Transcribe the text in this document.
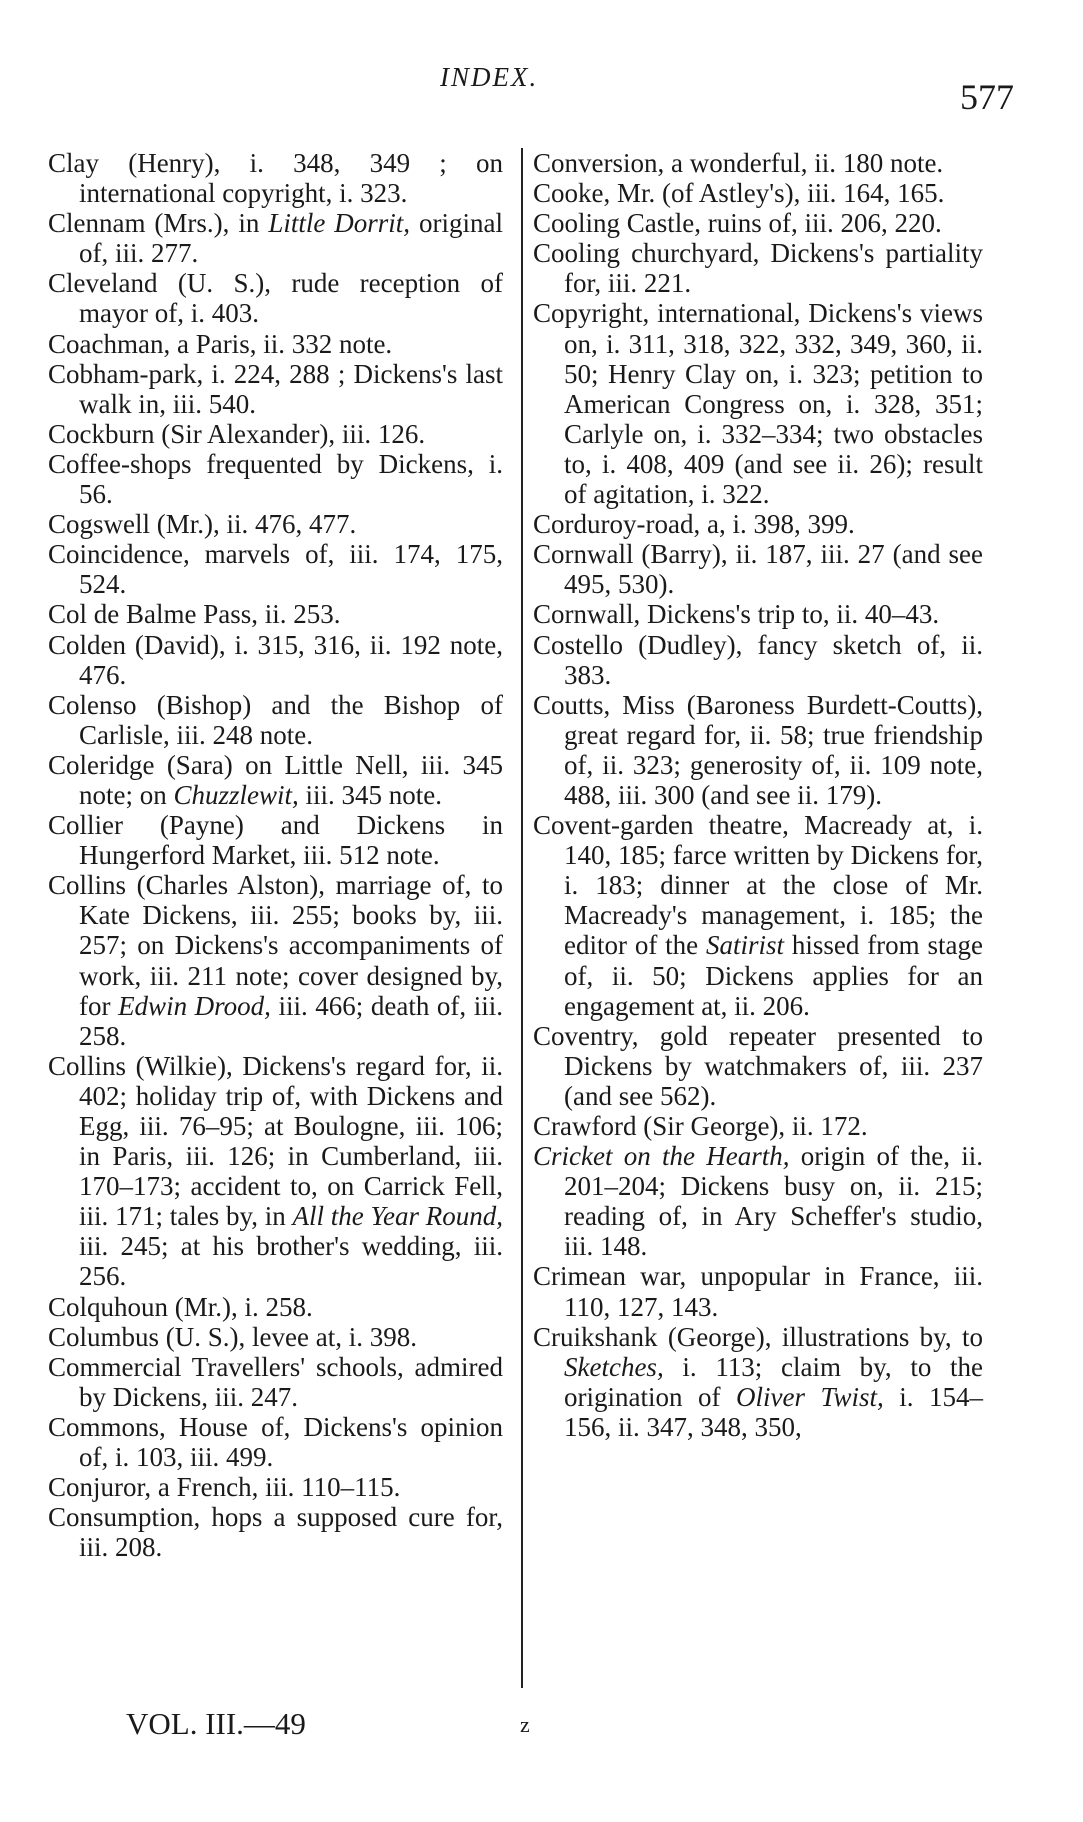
INDEX.	577

Clay (Henry), i. 348, 349 ; on international copyright, i. 323.

Clennam (Mrs.), in Little Dorrit, original of, iii. 277.

Cleveland (U. S.), rude reception of mayor of, i. 403.

Coachman, a Paris, ii. 332 note.

Cobham-park, i. 224, 288 ; Dickens's last walk in, iii. 540.

Cockburn (Sir Alexander), iii. 126.

Coffee-shops frequented by Dickens, i. 56.

Cogswell (Mr.), ii. 476, 477.

Coincidence, marvels of, iii. 174, 175, 524.

Col de Balme Pass, ii. 253.

Colden (David), i. 315, 316, ii. 192 note, 476.

Colenso (Bishop) and the Bishop of Carlisle, iii. 248 note.

Coleridge (Sara) on Little Nell, iii. 345 note; on Chuzzlewit, iii. 345 note.

Collier (Payne) and Dickens in Hungerford Market, iii. 512 note.

Collins (Charles Alston), marriage of, to Kate Dickens, iii. 255; books by, iii. 257; on Dickens's accompaniments of work, iii. 211 note; cover designed by, for Edwin Drood, iii. 466; death of, iii. 258.

Collins (Wilkie), Dickens's regard for, ii. 402; holiday trip of, with Dickens and Egg, iii. 76–95; at Boulogne, iii. 106; in Paris, iii. 126; in Cumberland, iii. 170–173; accident to, on Carrick Fell, iii. 171; tales by, in All the Year Round, iii. 245; at his brother's wedding, iii. 256.

Colquhoun (Mr.), i. 258.

Columbus (U. S.), levee at, i. 398.

Commercial Travellers' schools, admired by Dickens, iii. 247.

Commons, House of, Dickens's opinion of, i. 103, iii. 499.

Conjuror, a French, iii. 110–115.

Consumption, hops a supposed cure for, iii. 208.

Conversion, a wonderful, ii. 180 note.

Cooke, Mr. (of Astley's), iii. 164, 165.

Cooling Castle, ruins of, iii. 206, 220.

Cooling churchyard, Dickens's partiality for, iii. 221.

Copyright, international, Dickens's views on, i. 311, 318, 322, 332, 349, 360, ii. 50; Henry Clay on, i. 323; petition to American Congress on, i. 328, 351; Carlyle on, i. 332–334; two obstacles to, i. 408, 409 (and see ii. 26); result of agitation, i. 322.

Corduroy-road, a, i. 398, 399.

Cornwall (Barry), ii. 187, iii. 27 (and see 495, 530).

Cornwall, Dickens's trip to, ii. 40–43.

Costello (Dudley), fancy sketch of, ii. 383.

Coutts, Miss (Baroness Burdett-Coutts), great regard for, ii. 58; true friendship of, ii. 323; generosity of, ii. 109 note, 488, iii. 300 (and see ii. 179).

Covent-garden theatre, Macready at, i. 140, 185; farce written by Dickens for, i. 183; dinner at the close of Mr. Macready's management, i. 185; the editor of the Satirist hissed from stage of, ii. 50; Dickens applies for an engagement at, ii. 206.

Coventry, gold repeater presented to Dickens by watchmakers of, iii. 237 (and see 562).

Crawford (Sir George), ii. 172.

Cricket on the Hearth, origin of the, ii. 201–204; Dickens busy on, ii. 215; reading of, in Ary Scheffer's studio, iii. 148.

Crimean war, unpopular in France, iii. 110, 127, 143.

Cruikshank (George), illustrations by, to Sketches, i. 113; claim by, to the origination of Oliver Twist, i. 154–156, ii. 347, 348, 350,

VOL. III.—49	z
